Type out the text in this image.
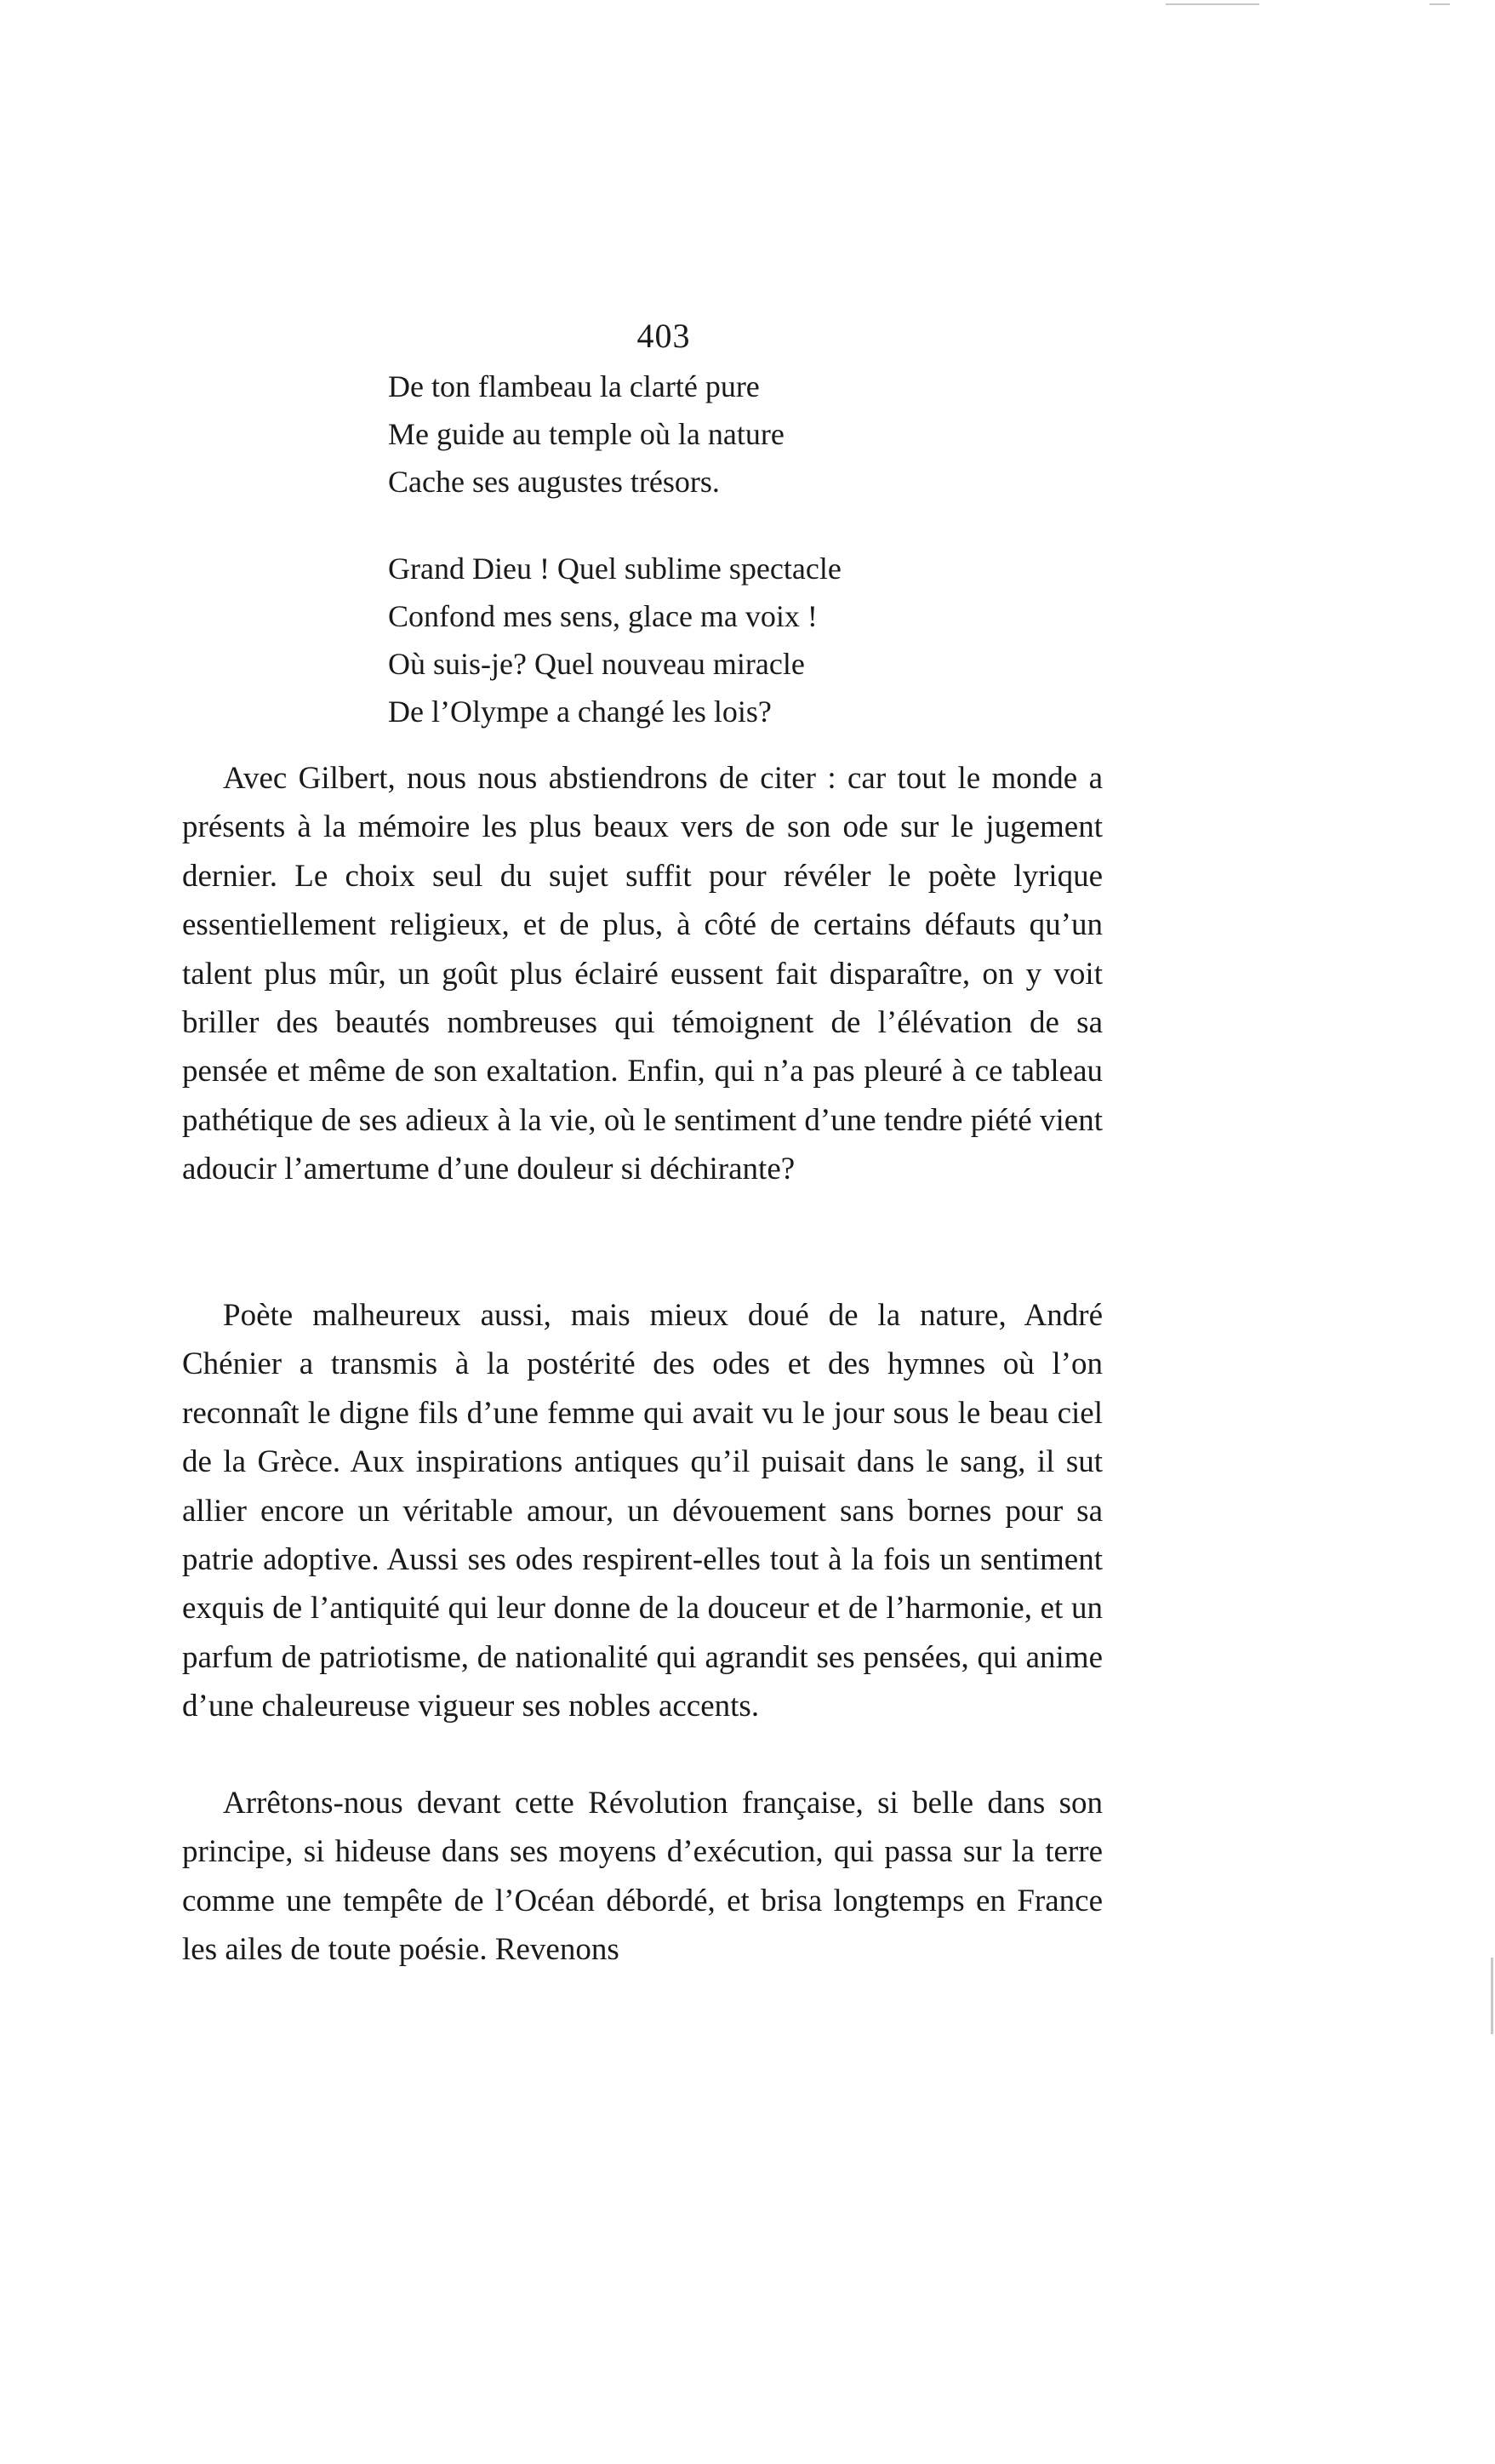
403
De ton flambeau la clarté pure
Me guide au temple où la nature
Cache ses augustes trésors.
Grand Dieu ! Quel sublime spectacle
Confond mes sens, glace ma voix !
Où suis-je? Quel nouveau miracle
De l’Olympe a changé les lois?

Avec Gilbert, nous nous abstiendrons de citer : car tout le monde a présents à la mémoire les plus beaux vers de son ode sur le jugement dernier. Le choix seul du sujet suffit pour révéler le poète lyrique essentiellement religieux, et de plus, à côté de certains défauts qu’un talent plus mûr, un goût plus éclairé eussent fait disparaître, on y voit briller des beautés nombreuses qui témoignent de l’élévation de sa pensée et même de son exaltation. Enfin, qui n’a pas pleuré à ce tableau pathétique de ses adieux à la vie, où le sentiment d’une tendre piété vient adoucir l’amertume d’une douleur si déchirante?

Poète malheureux aussi, mais mieux doué de la nature, André Chénier a transmis à la postérité des odes et des hymnes où l’on reconnaît le digne fils d’une femme qui avait vu le jour sous le beau ciel de la Grèce. Aux inspirations antiques qu’il puisait dans le sang, il sut allier encore un véritable amour, un dévouement sans bornes pour sa patrie adoptive. Aussi ses odes respirent-elles tout à la fois un sentiment exquis de l’antiquité qui leur donne de la douceur et de l’harmonie, et un parfum de patriotisme, de nationalité qui agrandit ses pensées, qui anime d’une chaleureuse vigueur ses nobles accents.

Arrêtons-nous devant cette Révolution française, si belle dans son principe, si hideuse dans ses moyens d’exécution, qui passa sur la terre comme une tempête de l’Océan débordé, et brisa longtemps en France les ailes de toute poésie. Revenons
